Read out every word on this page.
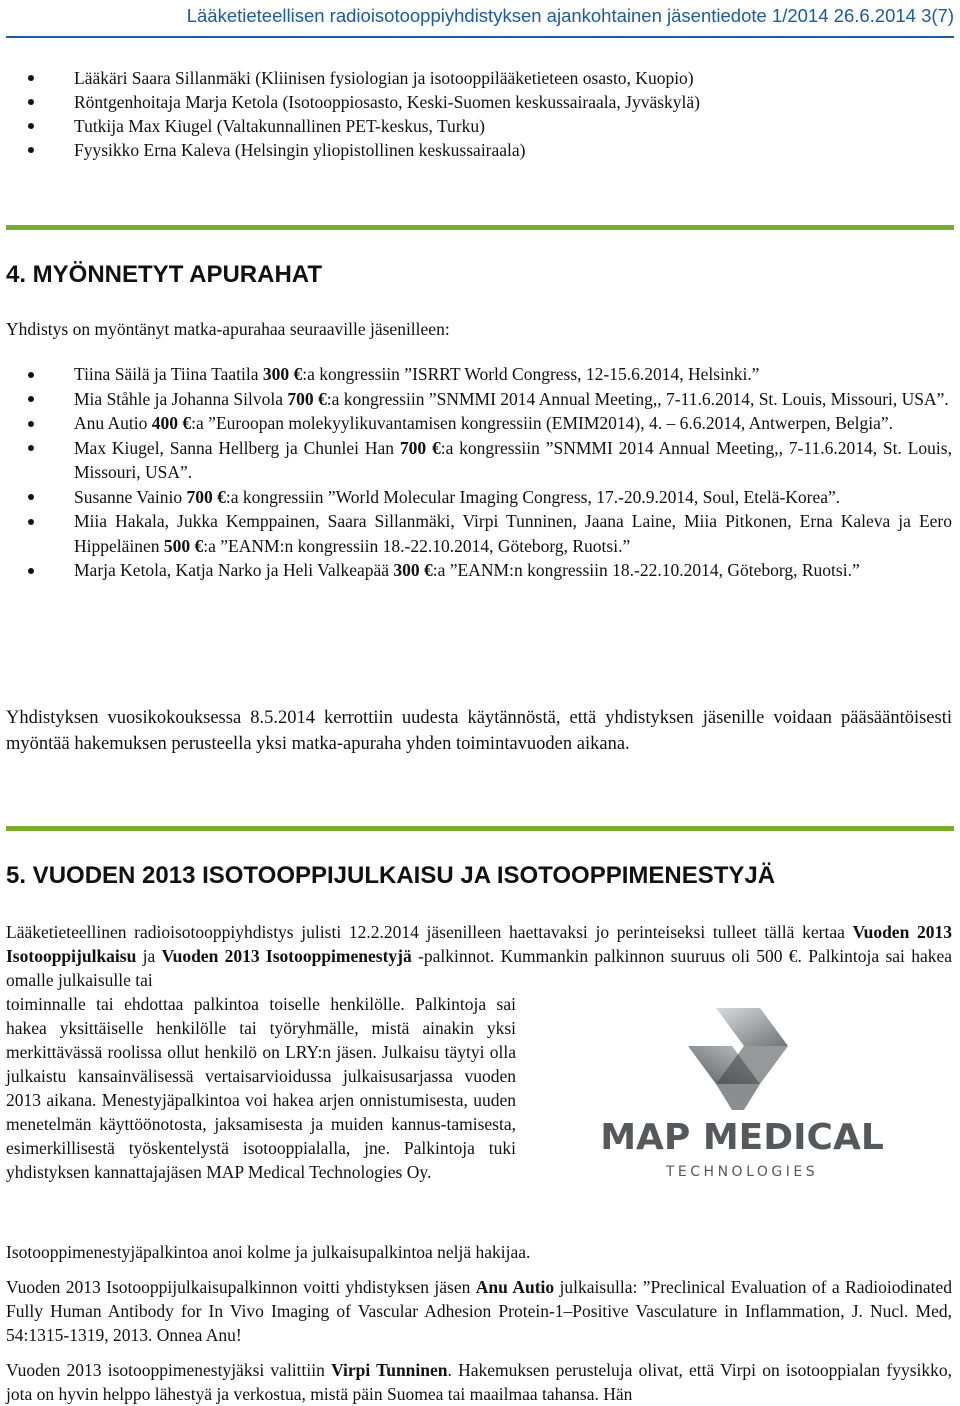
Lääketieteellisen radioisotooppiyhdistyksen ajankohtainen jäsentiedote 1/2014 26.6.2014 3(7)
Lääkäri Saara Sillanmäki (Kliinisen fysiologian ja isotooppilääketieteen osasto, Kuopio)
Röntgenhoitaja Marja Ketola (Isotooppiosasto, Keski-Suomen keskussairaala, Jyväskylä)
Tutkija Max Kiugel (Valtakunnallinen PET-keskus, Turku)
Fyysikko Erna Kaleva (Helsingin yliopistollinen keskussairaala)
4. MYÖNNETYT APURAHAT

Yhdistys on myöntänyt matka-apurahaa seuraaville jäsenilleen:

Tiina Säilä ja Tiina Taatila 300 €:a kongressiin ”ISRRT World Congress, 12-15.6.2014, Helsinki.”
Mia Ståhle ja Johanna Silvola 700 €:a kongressiin ”SNMMI 2014 Annual Meeting,, 7-11.6.2014, St. Louis, Missouri, USA”.
Anu Autio 400 €:a ”Euroopan molekyylikuvantamisen kongressiin (EMIM2014), 4. – 6.6.2014, Antwerpen, Belgia”.
Max Kiugel, Sanna Hellberg ja Chunlei Han 700 €:a kongressiin ”SNMMI 2014 Annual Meeting,, 7-11.6.2014, St. Louis, Missouri, USA”.
Susanne Vainio 700 €:a kongressiin ”World Molecular Imaging Congress, 17.-20.9.2014, Soul, Etelä-Korea”.
Miia Hakala, Jukka Kemppainen, Saara Sillanmäki, Virpi Tunninen, Jaana Laine, Miia Pitkonen, Erna Kaleva ja Eero Hippeläinen 500 €:a ”EANM:n kongressiin 18.-22.10.2014, Göteborg, Ruotsi.”
Marja Ketola, Katja Narko ja Heli Valkeapää 300 €:a ”EANM:n kongressiin 18.-22.10.2014, Göteborg, Ruotsi.”

Yhdistyksen vuosikokouksessa 8.5.2014 kerrottiin uudesta käytännöstä, että yhdistyksen jäsenille voidaan pääsääntöisesti myöntää hakemuksen perusteella yksi matka-apuraha yhden toimintavuoden aikana.

5. VUODEN 2013 ISOTOOPPIJULKAISU JA ISOTOOPPIMENESTYJÄ

Lääketieteellinen radioisotooppiyhdistys julisti 12.2.2014 jäsenilleen haettavaksi jo perinteiseksi tulleet tällä kertaa Vuoden 2013 Isotooppijulkaisu ja Vuoden 2013 Isotooppimenestyjä -palkinnot. Kummankin palkinnon suuruus oli 500 €. Palkintoja sai hakea omalle julkaisulle tai

toiminnalle tai ehdottaa palkintoa toiselle henkilölle. Palkintoja sai hakea yksittäiselle henkilölle tai työryhmälle, mistä ainakin yksi merkittävässä roolissa ollut henkilö on LRY:n jäsen. Julkaisu täytyi olla julkaistu kansainvälisessä vertaisarvioidussa julkaisusarjassa vuoden 2013 aikana. Menestyjäpalkintoa voi hakea arjen onnistumisesta, uuden menetelmän käyttöönotosta, jaksamisesta ja muiden kannus-tamisesta, esimerkillisestä työskentelystä isotooppialalla, jne. Palkintoja tuki yhdistyksen kannattajajäsen MAP Medical Technologies Oy.

MAP MEDICAL
TECHNOLOGIES

Isotooppimenestyjäpalkintoa anoi kolme ja julkaisupalkintoa neljä hakijaa.

Vuoden 2013 Isotooppijulkaisupalkinnon voitti yhdistyksen jäsen Anu Autio julkaisulla: ”Preclinical Evaluation of a Radioiodinated Fully Human Antibody for In Vivo Imaging of Vascular Adhesion Protein-1–Positive Vasculature in Inflammation, J. Nucl. Med, 54:1315-1319, 2013. Onnea Anu!

Vuoden 2013 isotooppimenestyjäksi valittiin Virpi Tunninen. Hakemuksen perusteluja olivat, että Virpi on isotooppialan fyysikko, jota on hyvin helppo lähestyä ja verkostua, mistä päin Suomea tai maailmaa tahansa. Hän
